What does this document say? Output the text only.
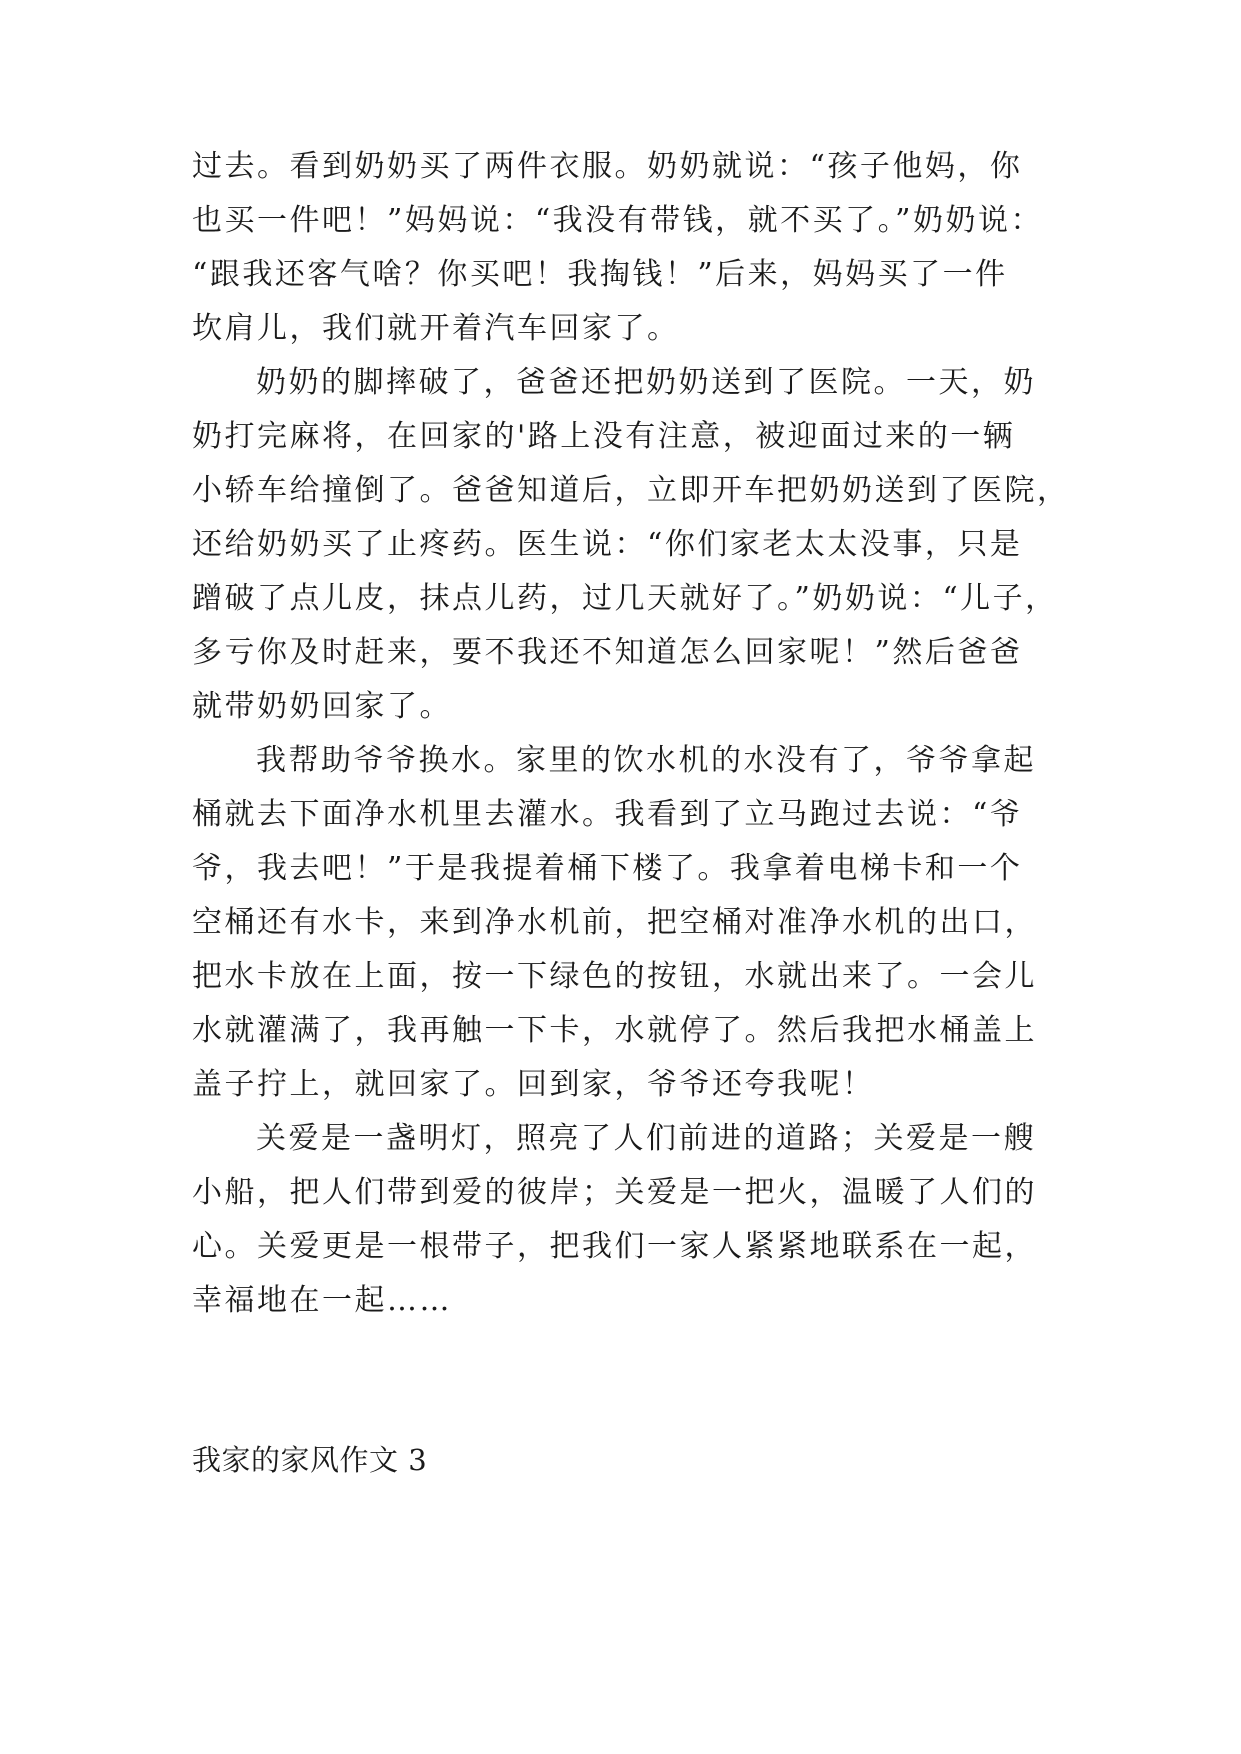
过去。看到奶奶买了两件衣服。奶奶就说：“孩子他妈，你
也买一件吧！”妈妈说：“我没有带钱，就不买了。”奶奶说：
“跟我还客气啥？你买吧！我掏钱！”后来，妈妈买了一件
坎肩儿，我们就开着汽车回家了。
奶奶的脚摔破了，爸爸还把奶奶送到了医院。一天，奶
奶打完麻将，在回家的'路上没有注意，被迎面过来的一辆
小轿车给撞倒了。爸爸知道后，立即开车把奶奶送到了医院，
还给奶奶买了止疼药。医生说：“你们家老太太没事，只是
蹭破了点儿皮，抹点儿药，过几天就好了。”奶奶说：“儿子，
多亏你及时赶来，要不我还不知道怎么回家呢！”然后爸爸
就带奶奶回家了。
我帮助爷爷换水。家里的饮水机的水没有了，爷爷拿起
桶就去下面净水机里去灌水。我看到了立马跑过去说：“爷
爷，我去吧！”于是我提着桶下楼了。我拿着电梯卡和一个
空桶还有水卡，来到净水机前，把空桶对准净水机的出口，
把水卡放在上面，按一下绿色的按钮，水就出来了。一会儿
水就灌满了，我再触一下卡，水就停了。然后我把水桶盖上
盖子拧上，就回家了。回到家，爷爷还夸我呢！
关爱是一盏明灯，照亮了人们前进的道路；关爱是一艘
小船，把人们带到爱的彼岸；关爱是一把火，温暖了人们的
心。关爱更是一根带子，把我们一家人紧紧地联系在一起，
幸福地在一起……
我家的家风作文 3
